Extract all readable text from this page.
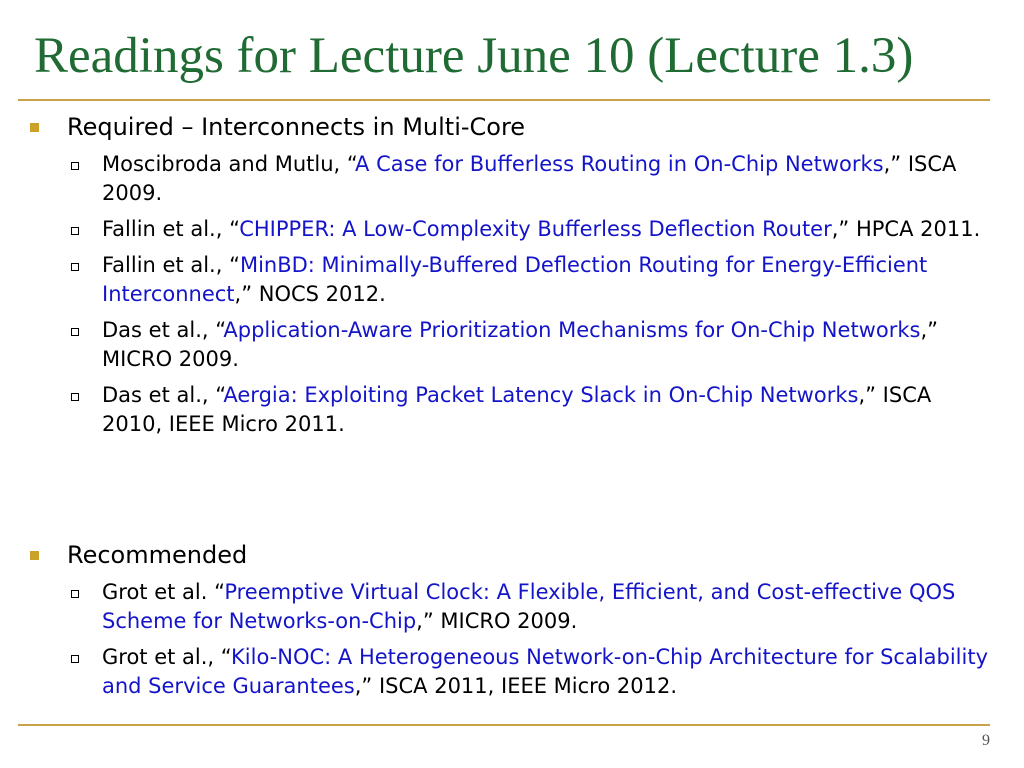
Readings for Lecture June 10 (Lecture 1.3)
Required – Interconnects in Multi-Core
Moscibroda and Mutlu, “A Case for Bufferless Routing in On-Chip Networks,” ISCA 2009.
Fallin et al., “CHIPPER: A Low-Complexity Bufferless Deflection Router,” HPCA 2011.
Fallin et al., “MinBD: Minimally-Buffered Deflection Routing for Energy-Efficient Interconnect,” NOCS 2012.
Das et al., “Application-Aware Prioritization Mechanisms for On-Chip Networks,” MICRO 2009.
Das et al., “Aergia: Exploiting Packet Latency Slack in On-Chip Networks,” ISCA 2010, IEEE Micro 2011.
Recommended
Grot et al. “Preemptive Virtual Clock: A Flexible, Efficient, and Cost-effective QOS Scheme for Networks-on-Chip,” MICRO 2009.
Grot et al., “Kilo-NOC: A Heterogeneous Network-on-Chip Architecture for Scalability and Service Guarantees,” ISCA 2011, IEEE Micro 2012.
9
